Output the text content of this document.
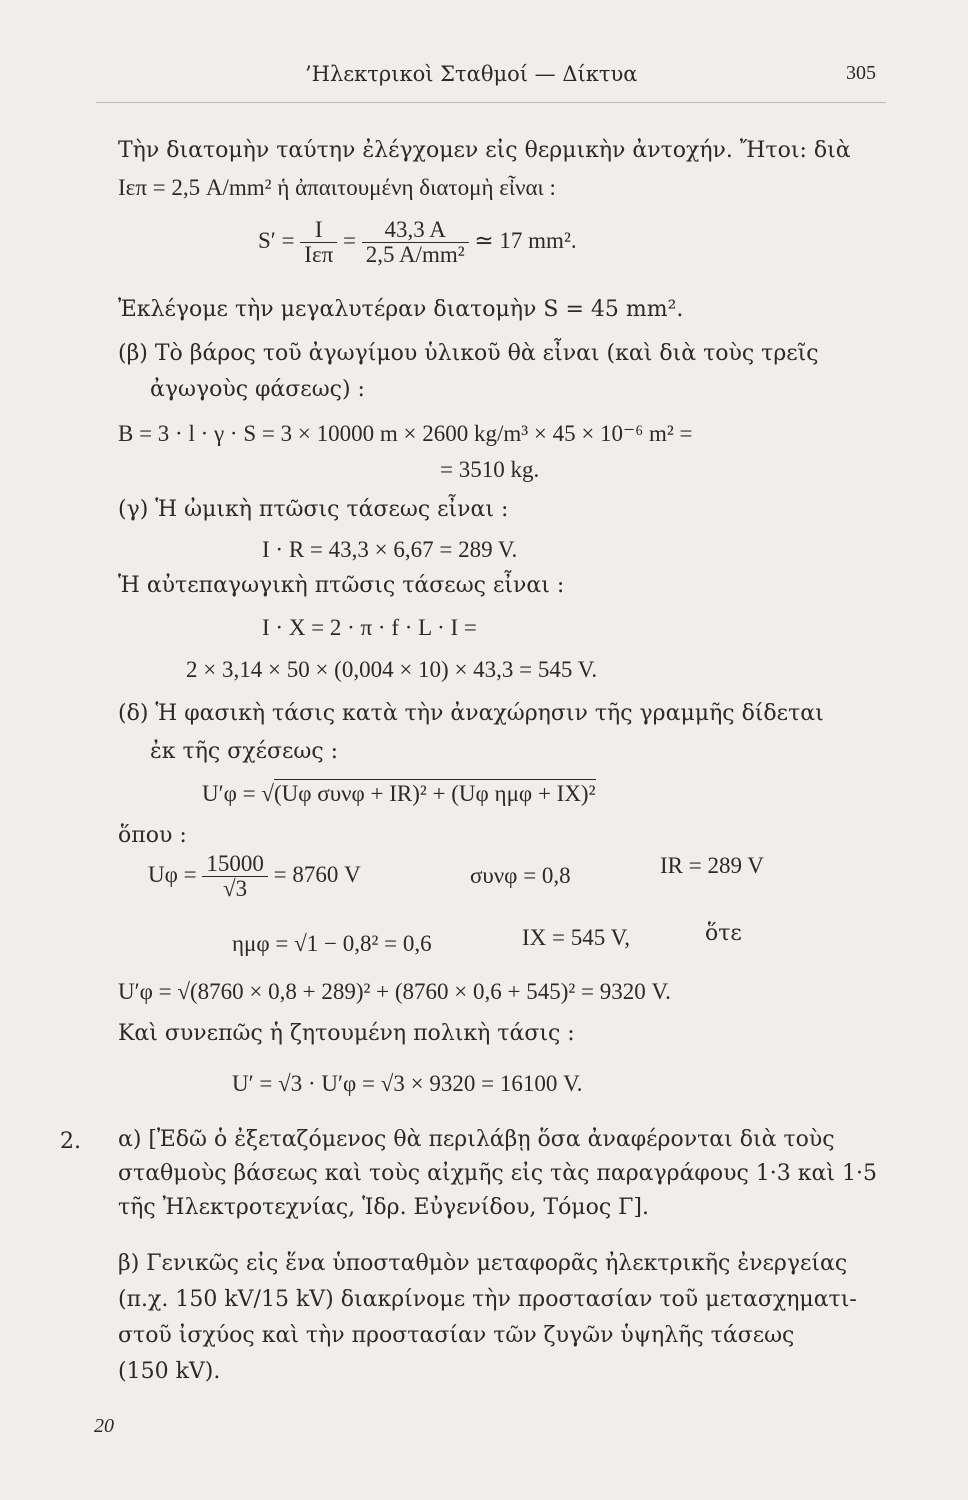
’Ηλεκτρικοὶ Σταθμοί — Δίκτυα	305
Τὴν διατομὴν ταύτην ἐλέγχομεν εἰς θερμικὴν ἀντοχήν. Ἤτοι: διὰ
Iεπ = 2,5 A/mm² ἡ ἀπαιτουμένη διατομὴ εἶναι :
$S' = \frac{I}{\text{Iεπ}} = \frac{43,3 A}{\text{2,5 A/mm²}}$ ≃ 17 mm².
Ἐκλέγομε τὴν μεγαλυτέραν διατομὴν S = 45 mm².
(β) Τὸ βάρος τοῦ ἀγωγίμου ὑλικοῦ θὰ εἶναι (καὶ διὰ τοὺς τρεῖς
ἀγωγοὺς φάσεως) :
B = 3 · l · γ · S = 3 × 10000 m × 2600 kg/m³ × 45 × 10⁻⁶ m² =
= 3510 kg.
(γ) Ἡ ὠμικὴ πτῶσις τάσεως εἶναι :
I · R = 43,3 × 6,67 = 289 V.
Ἡ αὐτεπαγωγικὴ πτῶσις τάσεως εἶναι :
I · X = 2 · π · f · L · I =
2 × 3,14 × 50 × (0,004 × 10) × 43,3 = 545 V.
(δ) Ἡ φασικὴ τάσις κατὰ τὴν ἀναχώρησιν τῆς γραμμῆς δίδεται
ἐκ τῆς σχέσεως :
U′φ = √(Uφ συνφ + IR)² + (Uφ ημφ + IX)²
ὅπου :
$U\varphi = \frac{15000}{√3} = 8760$ V	συνφ = 0,8	IR = 289 V
ημφ = √1 − 0,8² = 0,6	IX = 545 V,	ὅτε
U′φ = √(8760 × 0,8 + 289)² + (8760 × 0,6 + 545)² = 9320 V.
Καὶ συνεπῶς ἡ ζητουμένη πολικὴ τάσις :
U′ = √3 · U′φ = √3 × 9320 = 16100 V.
2. α) [Ἐδῶ ὁ ἐξεταζόμενος θὰ περιλάβῃ ὅσα ἀναφέρονται διὰ τοὺς
σταθμοὺς βάσεως καὶ τοὺς αἰχμῆς εἰς τὰς παραγράφους 1·3 καὶ 1·5
τῆς Ἠλεκτροτεχνίας, Ἱδρ. Εὐγενίδου, Τόμος Γ].
β) Γενικῶς εἰς ἕνα ὑποσταθμὸν μεταφορᾶς ἠλεκτρικῆς ἐνεργείας
(π.χ. 150 kV/15 kV) διακρίνομε τὴν προστασίαν τοῦ μετασχηματι-
στοῦ ἰσχύος καὶ τὴν προστασίαν τῶν ζυγῶν ὑψηλῆς τάσεως
(150 kV).
20
